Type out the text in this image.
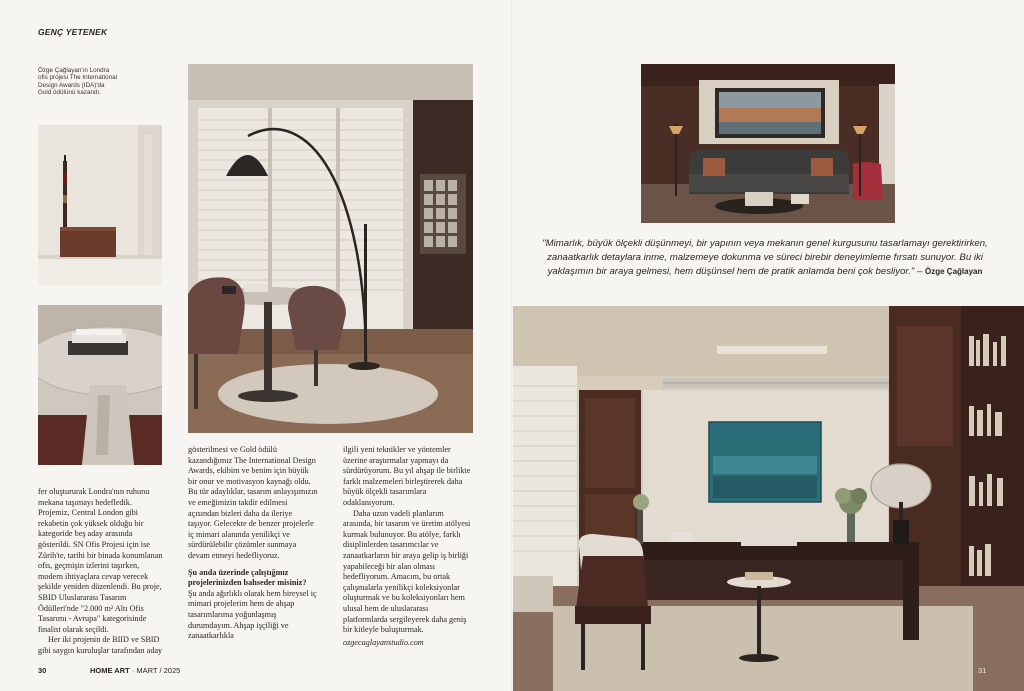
GENÇ YETENEK
Özge Çağlayan'ın Londra ofis projesi The International Design Awards (IDA)'da Gold ödülünü kazandı.
"Mimarlık, büyük ölçekli düşünmeyi, bir yapının veya mekanın genel kurgusunu tasarlamayı gerektirirken, zanaatkarlık detaylara inme, malzemeye dokunma ve süreci birebir deneyimleme fırsatı sunuyor. Bu iki yaklaşımın bir araya gelmesi, hem düşünsel hem de pratik anlamda beni çok besliyor." – Özge Çağlayan

fer oluştururak Londra'nın ruhunu mekana taşımayı hedefledik. Projemiz, Central London gibi rekabetin çok yüksek olduğu bir kategoride beş aday arasında gösterildi. SN Ofis Projesi için ise Zürih'te, tarihi bir binada konumlanan ofis, geçmişin izlerini taşırken, modern ihtiyaçlara cevap verecek şekilde yeniden düzenlendi. Bu proje, SBID Uluslararası Tasarım Ödülleri'nde "2.000 m² Altı Ofis Tasarımı - Avrupa" kategorisinde finalist olarak seçildi.

Her iki projenin de BIID ve SBID gibi saygın kuruluşlar tarafından aday

gösterilmesi ve Gold ödülü kazandığımız The International Design Awards, ekibim ve benim için büyük bir onur ve motivasyon kaynağı oldu. Bu tür adaylıklar, tasarım anlayışımızın ve emeğimizin takdir edilmesi açısından bizleri daha da ileriye taşıyor. Gelecekte de benzer projelerle iç mimari alanında yenilikçi ve sürdürülebilir çözümler sunmaya devam etmeyi hedefliyoruz.

Şu anda üzerinde çalıştığınız projelerinizden bahseder misiniz?

Şu anda ağırlıklı olarak hem bireysel iç mimari projelerim hem de ahşap tasarımlarıma yoğunlaşmış durumdayım. Ahşap işçiliği ve zanaatkarlıkla

ilgili yeni teknikler ve yöntemler üzerine araştırmalar yapmayı da sürdürüyorum. Bu yıl ahşap ile birlikte farklı malzemeleri birleştirerek daha büyük ölçekli tasarımlara odaklanıyorum.

Daha uzun vadeli planlarım arasında, bir tasarım ve üretim atölyesi kurmak bulunuyor. Bu atölye, farklı disiplinlerden tasarımcılar ve zanaatkarların bir araya gelip iş birliği yapabileceği bir alan olması hedefliyorum. Amacım, bu ortak çalışmalarla yenilikçi koleksiyonlar oluşturmak ve bu koleksiyonları hem ulusal hem de uluslararası platformlarda sergileyerek daha geniş bir kitleyle buluşturmak.

ozgecaglayanstudio.com

30	HOME ART · MART / 2025	31
